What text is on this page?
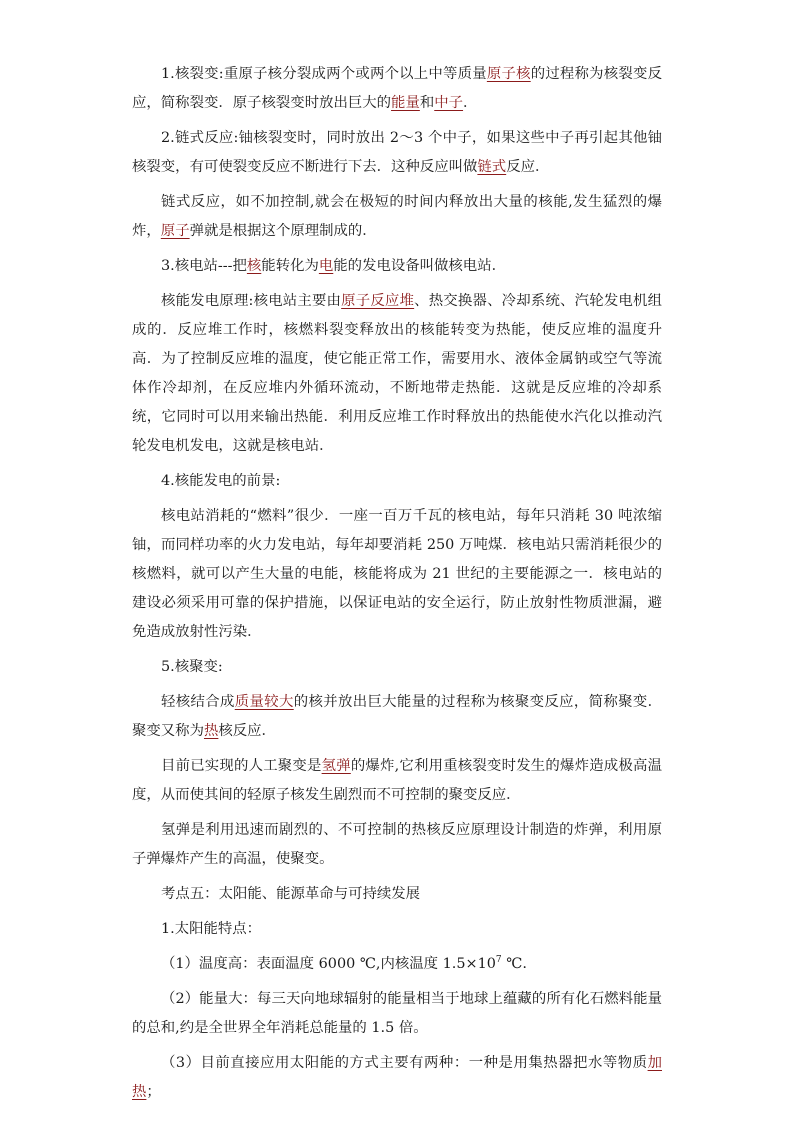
1.核裂变:重原子核分裂成两个或两个以上中等质量原子核的过程称为核裂变反应，简称裂变．原子核裂变时放出巨大的能量和中子．

2.链式反应:铀核裂变时，同时放出 2～3 个中子，如果这些中子再引起其他铀核裂变，有可使裂变反应不断进行下去．这种反应叫做链式反应．

链式反应，如不加控制,就会在极短的时间内释放出大量的核能,发生猛烈的爆炸，原子弹就是根据这个原理制成的．

3.核电站---把核能转化为电能的发电设备叫做核电站．

核能发电原理:核电站主要由原子反应堆、热交换器、冷却系统、汽轮发电机组成的．反应堆工作时，核燃料裂变释放出的核能转变为热能，使反应堆的温度升高．为了控制反应堆的温度，使它能正常工作，需要用水、液体金属钠或空气等流体作冷却剂，在反应堆内外循环流动，不断地带走热能．这就是反应堆的冷却系统，它同时可以用来输出热能．利用反应堆工作时释放出的热能使水汽化以推动汽轮发电机发电，这就是核电站．

4.核能发电的前景:

核电站消耗的“燃料”很少．一座一百万千瓦的核电站，每年只消耗 30 吨浓缩铀，而同样功率的火力发电站，每年却要消耗 250 万吨煤．核电站只需消耗很少的核燃料，就可以产生大量的电能，核能将成为 21 世纪的主要能源之一．核电站的建设必须采用可靠的保护措施，以保证电站的安全运行，防止放射性物质泄漏，避免造成放射性污染．

5.核聚变:

轻核结合成质量较大的核并放出巨大能量的过程称为核聚变反应，简称聚变．聚变又称为热核反应．

目前已实现的人工聚变是氢弹的爆炸,它利用重核裂变时发生的爆炸造成极高温度，从而使其间的轻原子核发生剧烈而不可控制的聚变反应．

氢弹是利用迅速而剧烈的、不可控制的热核反应原理设计制造的炸弹，利用原子弹爆炸产生的高温，使聚变。

考点五：太阳能、能源革命与可持续发展

1.太阳能特点：

（1）温度高：表面温度 6000 ℃,内核温度 $1.5\times 10^7$ ℃.

（2）能量大：每三天向地球辐射的能量相当于地球上蕴藏的所有化石燃料能量的总和,约是全世界全年消耗总能量的 1.5 倍。

（3）目前直接应用太阳能的方式主要有两种：一种是用集热器把水等物质加热；
